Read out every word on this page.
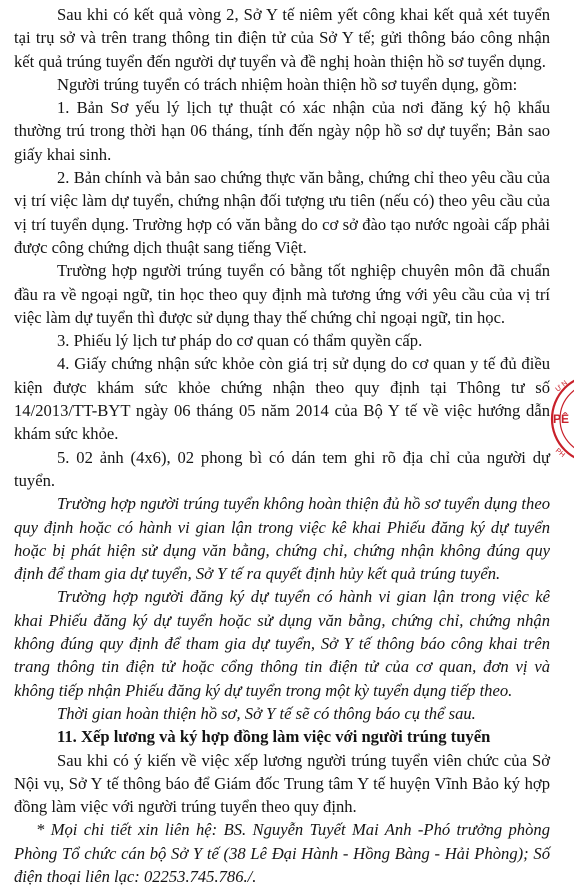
Sau khi có kết quả vòng 2, Sở Y tế niêm yết công khai kết quả xét tuyển tại trụ sở và trên trang thông tin điện tử của Sở Y tế; gửi thông báo công nhận kết quả trúng tuyển đến người dự tuyển và đề nghị hoàn thiện hồ sơ tuyển dụng.

Người trúng tuyển có trách nhiệm hoàn thiện hồ sơ tuyển dụng, gồm:

1. Bản Sơ yếu lý lịch tự thuật có xác nhận của nơi đăng ký hộ khẩu thường trú trong thời hạn 06 tháng, tính đến ngày nộp hồ sơ dự tuyển; Bản sao giấy khai sinh.

2. Bản chính và bản sao chứng thực văn bằng, chứng chỉ theo yêu cầu của vị trí việc làm dự tuyển, chứng nhận đối tượng ưu tiên (nếu có) theo yêu cầu của vị trí tuyển dụng. Trường hợp có văn bằng do cơ sở đào tạo nước ngoài cấp phải được công chứng dịch thuật sang tiếng Việt.

Trường hợp người trúng tuyển có bằng tốt nghiệp chuyên môn đã chuẩn đầu ra về ngoại ngữ, tin học theo quy định mà tương ứng với yêu cầu của vị trí việc làm dự tuyển thì được sử dụng thay thế chứng chỉ ngoại ngữ, tin học.

3. Phiếu lý lịch tư pháp do cơ quan có thẩm quyền cấp.

4. Giấy chứng nhận sức khỏe còn giá trị sử dụng do cơ quan y tế đủ điều kiện được khám sức khỏe chứng nhận theo quy định tại Thông tư số 14/2013/TT-BYT ngày 06 tháng 05 năm 2014 của Bộ Y tế về việc hướng dẫn khám sức khỏe.

5. 02 ảnh (4x6), 02 phong bì có dán tem ghi rõ địa chỉ của người dự tuyển.

Trường hợp người trúng tuyển không hoàn thiện đủ hồ sơ tuyển dụng theo quy định hoặc có hành vi gian lận trong việc kê khai Phiếu đăng ký dự tuyển hoặc bị phát hiện sử dụng văn bằng, chứng chỉ, chứng nhận không đúng quy định để tham gia dự tuyển, Sở Y tế ra quyết định hủy kết quả trúng tuyển.

Trường hợp người đăng ký dự tuyển có hành vi gian lận trong việc kê khai Phiếu đăng ký dự tuyển hoặc sử dụng văn bằng, chứng chỉ, chứng nhận không đúng quy định để tham gia dự tuyển, Sở Y tế thông báo công khai trên trang thông tin điện tử hoặc cổng thông tin điện tử của cơ quan, đơn vị và không tiếp nhận Phiếu đăng ký dự tuyển trong một kỳ tuyển dụng tiếp theo.

Thời gian hoàn thiện hồ sơ, Sở Y tế sẽ có thông báo cụ thể sau.

11. Xếp lương và ký hợp đồng làm việc với người trúng tuyển

Sau khi có ý kiến về việc xếp lương người trúng tuyển viên chức của Sở Nội vụ, Sở Y tế thông báo để Giám đốc Trung tâm Y tế huyện Vĩnh Bảo ký hợp đồng làm việc với người trúng tuyển theo quy định.

* Mọi chi tiết xin liên hệ: BS. Nguyễn Tuyết Mai Anh -Phó trưởng phòng Phòng Tổ chức cán bộ Sở Y tế (38 Lê Đại Hành - Hồng Bàng - Hải Phòng); Số điện thoại liên lạc: 02253.745.786./.

Ư N
PÊ
PH
